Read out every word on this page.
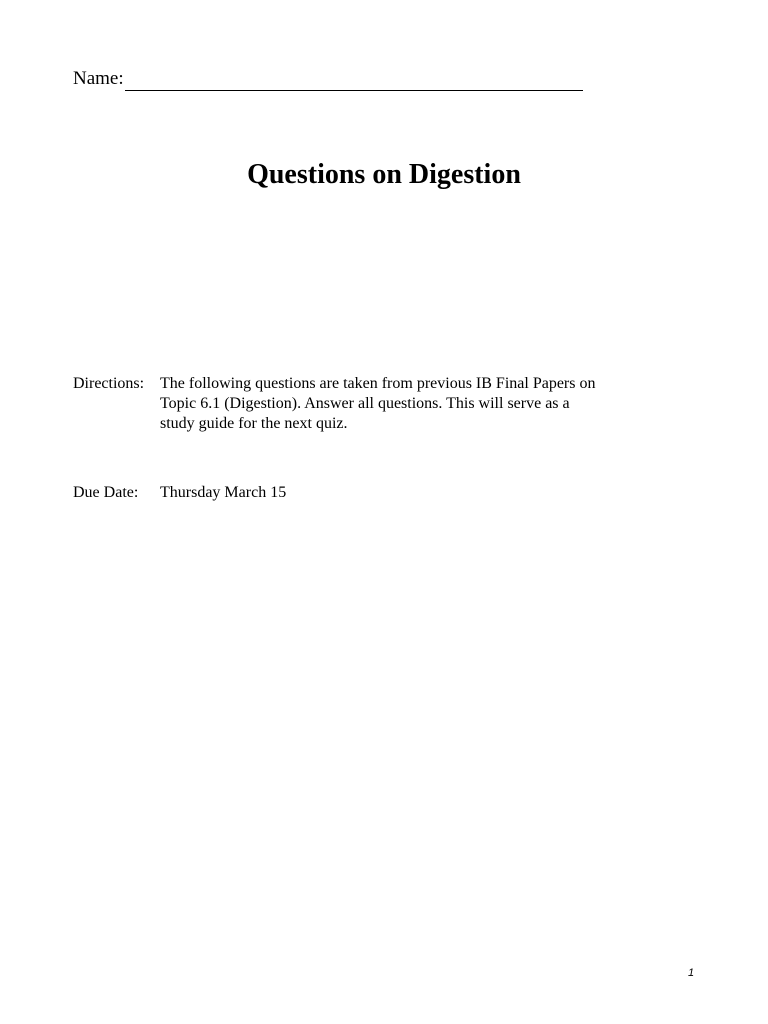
Name:
Questions on Digestion
Directions: The following questions are taken from previous IB Final Papers on
Topic 6.1 (Digestion). Answer all questions. This will serve as a
study guide for the next quiz.
Due Date: Thursday March 15
1
